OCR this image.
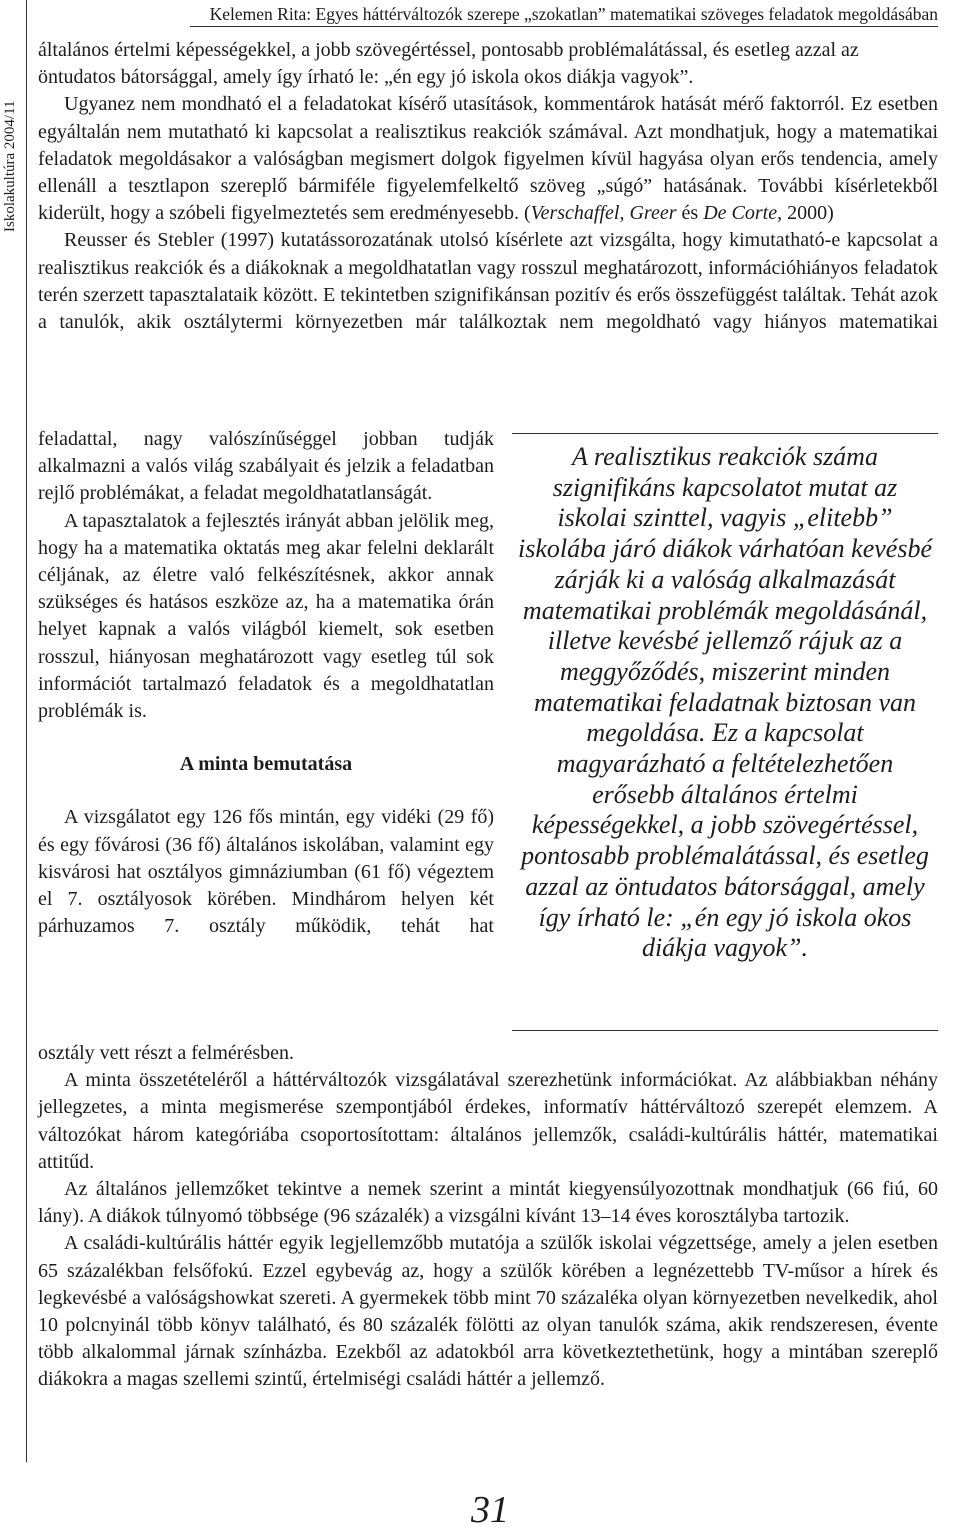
Kelemen Rita: Egyes háttérváltozók szerepe „szokatlan” matematikai szöveges feladatok megoldásában
Iskolakultúra 2004/11

általános értelmi képességekkel, a jobb szövegértéssel, pontosabb problémalátással, és esetleg azzal az öntudatos bátorsággal, amely így írható le: „én egy jó iskola okos diákja vagyok”.

Ugyanez nem mondható el a feladatokat kísérő utasítások, kommentárok hatását mérő faktorról. Ez esetben egyáltalán nem mutatható ki kapcsolat a realisztikus reakciók számával. Azt mondhatjuk, hogy a matematikai feladatok megoldásakor a valóságban megismert dolgok figyelmen kívül hagyása olyan erős tendencia, amely ellenáll a tesztlapon szereplő bármiféle figyelemfelkeltő szöveg „súgó” hatásának. További kísérletekből kiderült, hogy a szóbeli figyelmeztetés sem eredményesebb. (Verschaffel, Greer és De Corte, 2000)

Reusser és Stebler (1997) kutatássorozatának utolsó kísérlete azt vizsgálta, hogy kimutatható-e kapcsolat a realisztikus reakciók és a diákoknak a megoldhatatlan vagy rosszul meghatározott, információhiányos feladatok terén szerzett tapasztalataik között. E tekintetben szignifikánsan pozitív és erős összefüggést találtak. Tehát azok a tanulók, akik osztálytermi környezetben már találkoztak nem megoldható vagy hiányos matematikai

feladattal, nagy valószínűséggel jobban tudják alkalmazni a valós világ szabályait és jelzik a feladatban rejlő problémákat, a feladat megoldhatatlanságát.

A tapasztalatok a fejlesztés irányát abban jelölik meg, hogy ha a matematika oktatás meg akar felelni deklarált céljának, az életre való felkészítésnek, akkor annak szükséges és hatásos eszköze az, ha a matematika órán helyet kapnak a valós világból kiemelt, sok esetben rosszul, hiányosan meghatározott vagy esetleg túl sok információt tartalmazó feladatok és a megoldhatatlan problémák is.

A minta bemutatása

A vizsgálatot egy 126 fős mintán, egy vidéki (29 fő) és egy fővárosi (36 fő) általános iskolában, valamint egy kisvárosi hat osztályos gimnáziumban (61 fő) végeztem el 7. osztályosok körében. Mindhárom helyen két párhuzamos 7. osztály működik, tehát hat

A realisztikus reakciók száma szignifikáns kapcsolatot mutat az iskolai szinttel, vagyis „elitebb” iskolába járó diákok várhatóan kevésbé zárják ki a valóság alkalmazását matematikai problémák megoldásánál, illetve kevésbé jellemző rájuk az a meggyőződés, miszerint minden matematikai feladatnak biztosan van megoldása. Ez a kapcsolat magyarázható a feltételezhetően erősebb általános értelmi képességekkel, a jobb szövegértéssel, pontosabb problémalátással, és esetleg azzal az öntudatos bátorsággal, amely így írható le: „én egy jó iskola okos diákja vagyok”.

osztály vett részt a felmérésben.

A minta összetételéről a háttérváltozók vizsgálatával szerezhetünk információkat. Az alábbiakban néhány jellegzetes, a minta megismerése szempontjából érdekes, informatív háttérváltozó szerepét elemzem. A változókat három kategóriába csoportosítottam: általános jellemzők, családi-kultúrális háttér, matematikai attitűd.

Az általános jellemzőket tekintve a nemek szerint a mintát kiegyensúlyozottnak mondhatjuk (66 fiú, 60 lány). A diákok túlnyomó többsége (96 százalék) a vizsgálni kívánt 13–14 éves korosztályba tartozik.

A családi-kultúrális háttér egyik legjellemzőbb mutatója a szülők iskolai végzettsége, amely a jelen esetben 65 százalékban felsőfokú. Ezzel egybevág az, hogy a szülők körében a legnézettebb TV-műsor a hírek és legkevésbé a valóságshowkat szereti. A gyermekek több mint 70 százaléka olyan környezetben nevelkedik, ahol 10 polcnyinál több könyv található, és 80 százalék fölötti az olyan tanulók száma, akik rendszeresen, évente több alkalommal járnak színházba. Ezekből az adatokból arra következtethetünk, hogy a mintában szereplő diákokra a magas szellemi szintű, értelmiségi családi háttér a jellemző.

31
